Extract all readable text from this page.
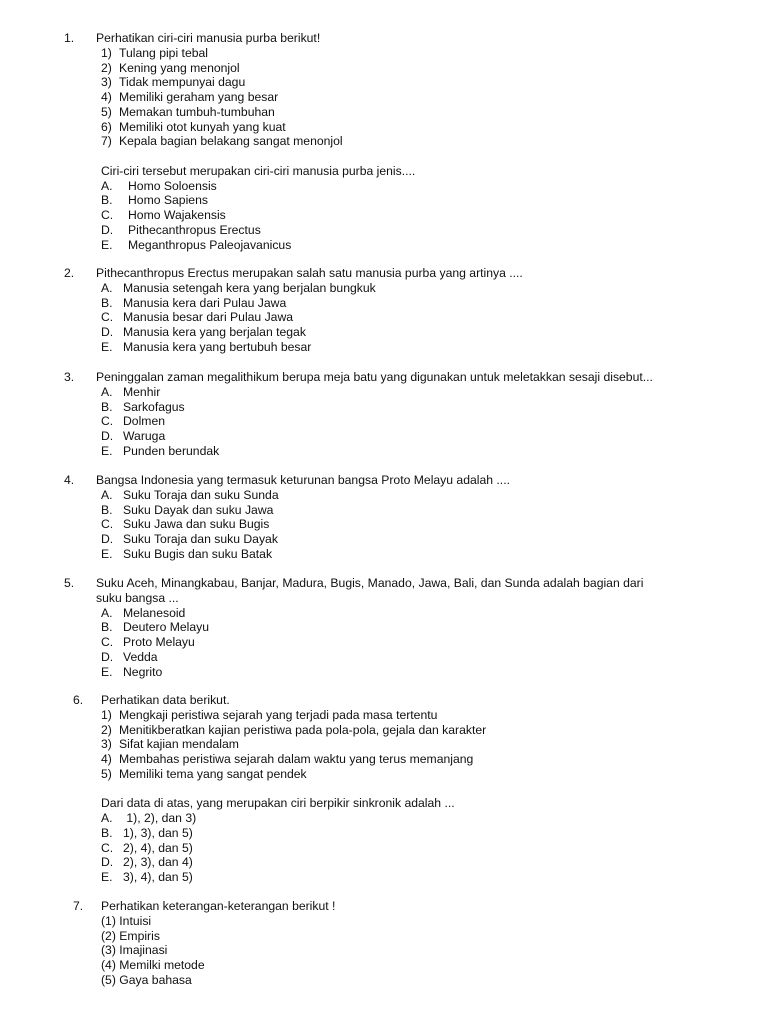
1. Perhatikan ciri-ciri manusia purba berikut!
1) Tulang pipi tebal
2) Kening yang menonjol
3) Tidak mempunyai dagu
4) Memiliki geraham yang besar
5) Memakan tumbuh-tumbuhan
6) Memiliki otot kunyah yang kuat
7) Kepala bagian belakang sangat menonjol
Ciri-ciri tersebut merupakan ciri-ciri manusia purba jenis....
A. Homo Soloensis
B. Homo Sapiens
C. Homo Wajakensis
D. Pithecanthropus Erectus
E. Meganthropus Paleojavanicus
2. Pithecanthropus Erectus merupakan salah satu manusia purba yang artinya ....
A. Manusia setengah kera yang berjalan bungkuk
B. Manusia kera dari Pulau Jawa
C. Manusia besar dari Pulau Jawa
D. Manusia kera yang berjalan tegak
E. Manusia kera yang bertubuh besar
3. Peninggalan zaman megalithikum berupa meja batu yang digunakan untuk meletakkan sesaji disebut...
A. Menhir
B. Sarkofagus
C. Dolmen
D. Waruga
E. Punden berundak
4. Bangsa Indonesia yang termasuk keturunan bangsa Proto Melayu adalah ....
A. Suku Toraja dan suku Sunda
B. Suku Dayak dan suku Jawa
C. Suku Jawa dan suku Bugis
D. Suku Toraja dan suku Dayak
E. Suku Bugis dan suku Batak
5. Suku Aceh, Minangkabau, Banjar, Madura, Bugis, Manado, Jawa, Bali, dan Sunda adalah bagian dari
suku bangsa ...
A. Melanesoid
B. Deutero Melayu
C. Proto Melayu
D. Vedda
E. Negrito
6. Perhatikan data berikut.
1) Mengkaji peristiwa sejarah yang terjadi pada masa tertentu
2) Menitikberatkan kajian peristiwa pada pola-pola, gejala dan karakter
3) Sifat kajian mendalam
4) Membahas peristiwa sejarah dalam waktu yang terus memanjang
5) Memiliki tema yang sangat pendek
Dari data di atas, yang merupakan ciri berpikir sinkronik adalah ...
A. 1), 2), dan 3)
B. 1), 3), dan 5)
C. 2), 4), dan 5)
D. 2), 3), dan 4)
E. 3), 4), dan 5)
7. Perhatikan keterangan-keterangan berikut !
(1) Intuisi
(2) Empiris
(3) Imajinasi
(4) Memilki metode
(5) Gaya bahasa
